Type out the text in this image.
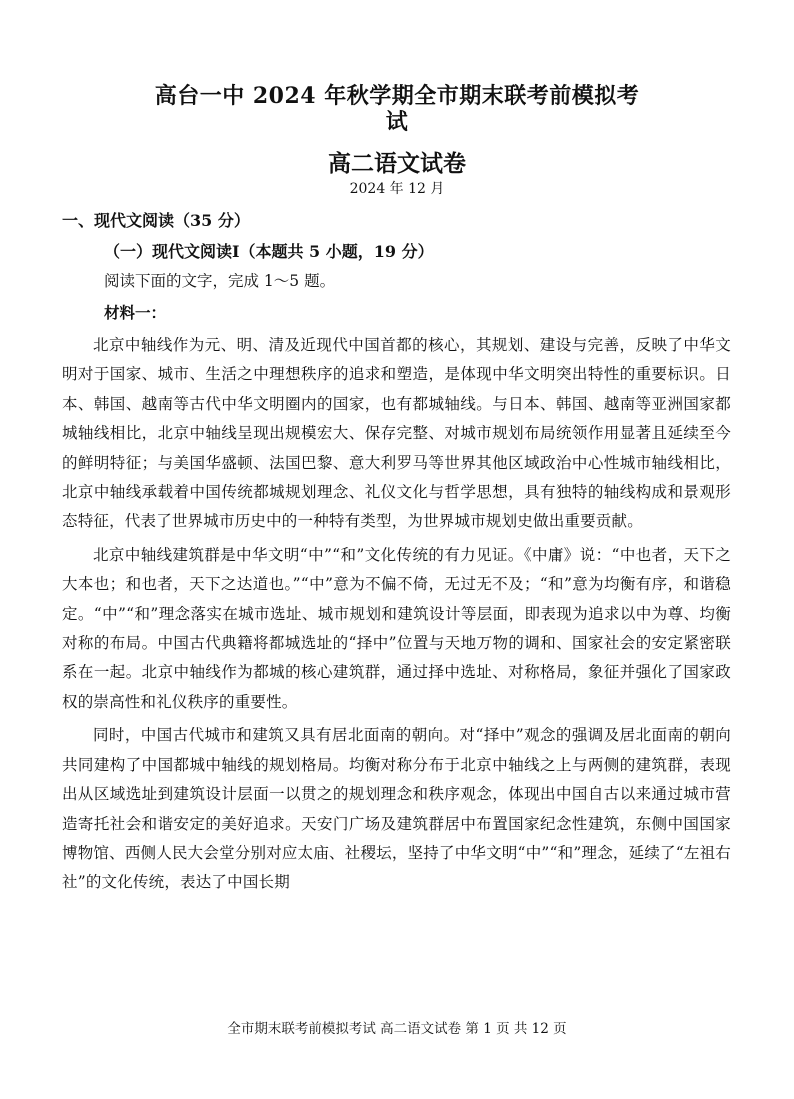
高台一中 2024 年秋学期全市期末联考前模拟考试
高二语文试卷
2024 年 12 月
一、现代文阅读（35 分）
（一）现代文阅读Ⅰ（本题共 5 小题，19 分）
阅读下面的文字，完成 1～5 题。
材料一：

北京中轴线作为元、明、清及近现代中国首都的核心，其规划、建设与完善，反映了中华文明对于国家、城市、生活之中理想秩序的追求和塑造，是体现中华文明突出特性的重要标识。日本、韩国、越南等古代中华文明圈内的国家，也有都城轴线。与日本、韩国、越南等亚洲国家都城轴线相比，北京中轴线呈现出规模宏大、保存完整、对城市规划布局统领作用显著且延续至今的鲜明特征；与美国华盛顿、法国巴黎、意大利罗马等世界其他区域政治中心性城市轴线相比，北京中轴线承载着中国传统都城规划理念、礼仪文化与哲学思想，具有独特的轴线构成和景观形态特征，代表了世界城市历史中的一种特有类型，为世界城市规划史做出重要贡献。

北京中轴线建筑群是中华文明“中”“和”文化传统的有力见证。《中庸》说：“中也者，天下之大本也；和也者，天下之达道也。”“中”意为不偏不倚，无过无不及；“和”意为均衡有序，和谐稳定。“中”“和”理念落实在城市选址、城市规划和建筑设计等层面，即表现为追求以中为尊、均衡对称的布局。中国古代典籍将都城选址的“择中”位置与天地万物的调和、国家社会的安定紧密联系在一起。北京中轴线作为都城的核心建筑群，通过择中选址、对称格局，象征并强化了国家政权的崇高性和礼仪秩序的重要性。

同时，中国古代城市和建筑又具有居北面南的朝向。对“择中”观念的强调及居北面南的朝向共同建构了中国都城中轴线的规划格局。均衡对称分布于北京中轴线之上与两侧的建筑群，表现出从区域选址到建筑设计层面一以贯之的规划理念和秩序观念，体现出中国自古以来通过城市营造寄托社会和谐安定的美好追求。天安门广场及建筑群居中布置国家纪念性建筑，东侧中国国家博物馆、西侧人民大会堂分别对应太庙、社稷坛，坚持了中华文明“中”“和”理念，延续了“左祖右社”的文化传统，表达了中国长期

全市期末联考前模拟考试 高二语文试卷 第 1 页 共 12 页
